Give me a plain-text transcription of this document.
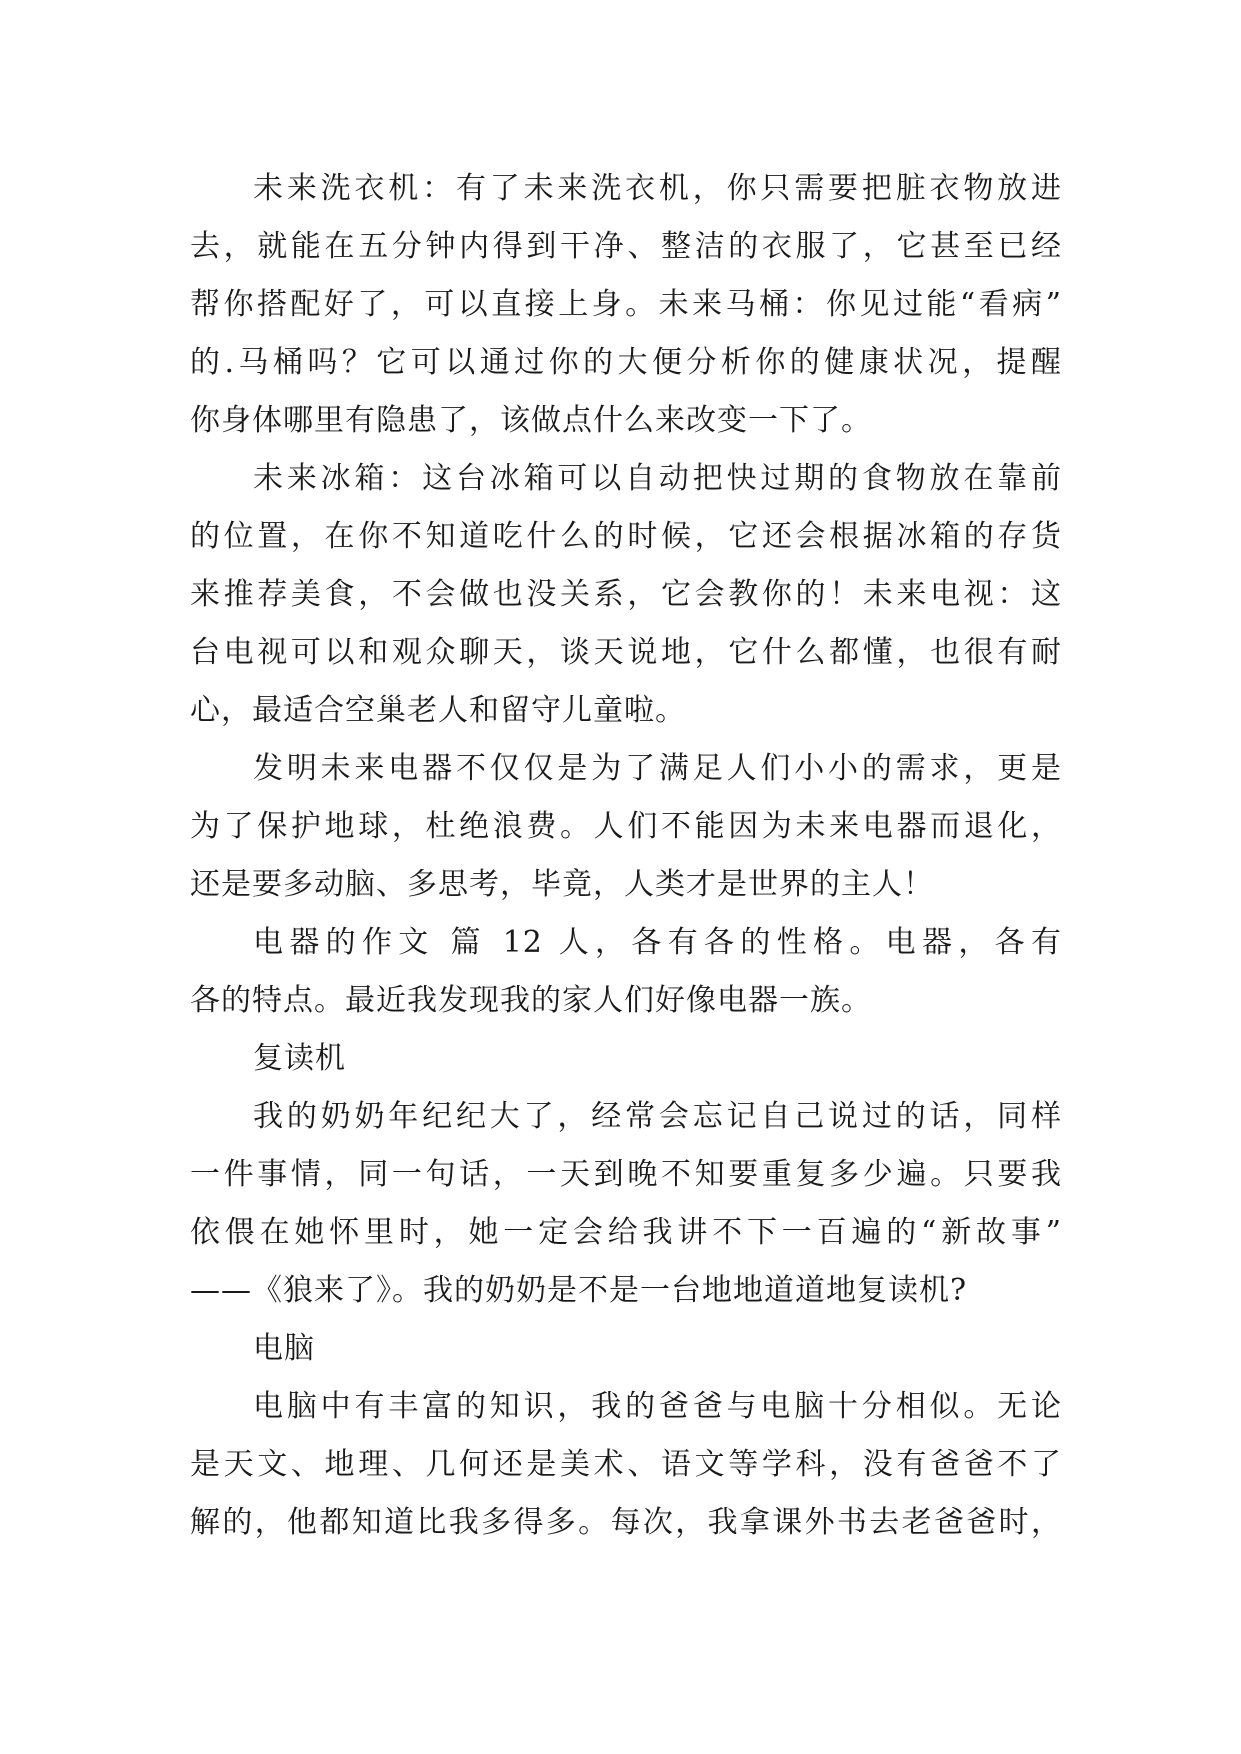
未来洗衣机：有了未来洗衣机，你只需要把脏衣物放进
去，就能在五分钟内得到干净、整洁的衣服了，它甚至已经
帮你搭配好了，可以直接上身。未来马桶：你见过能“看病”
的.马桶吗？它可以通过你的大便分析你的健康状况，提醒
你身体哪里有隐患了，该做点什么来改变一下了。
未来冰箱：这台冰箱可以自动把快过期的食物放在靠前
的位置，在你不知道吃什么的时候，它还会根据冰箱的存货
来推荐美食，不会做也没关系，它会教你的！未来电视：这
台电视可以和观众聊天，谈天说地，它什么都懂，也很有耐
心，最适合空巢老人和留守儿童啦。
发明未来电器不仅仅是为了满足人们小小的需求，更是
为了保护地球，杜绝浪费。人们不能因为未来电器而退化，
还是要多动脑、多思考，毕竟，人类才是世界的主人！
电器的作文 篇 12 人，各有各的性格。电器，各有
各的特点。最近我发现我的家人们好像电器一族。
复读机
我的奶奶年纪纪大了，经常会忘记自己说过的话，同样
一件事情，同一句话，一天到晚不知要重复多少遍。只要我
依偎在她怀里时，她一定会给我讲不下一百遍的“新故事”
——《狼来了》。我的奶奶是不是一台地地道道地复读机?
电脑
电脑中有丰富的知识，我的爸爸与电脑十分相似。无论
是天文、地理、几何还是美术、语文等学科，没有爸爸不了
解的，他都知道比我多得多。每次，我拿课外书去老爸爸时，
